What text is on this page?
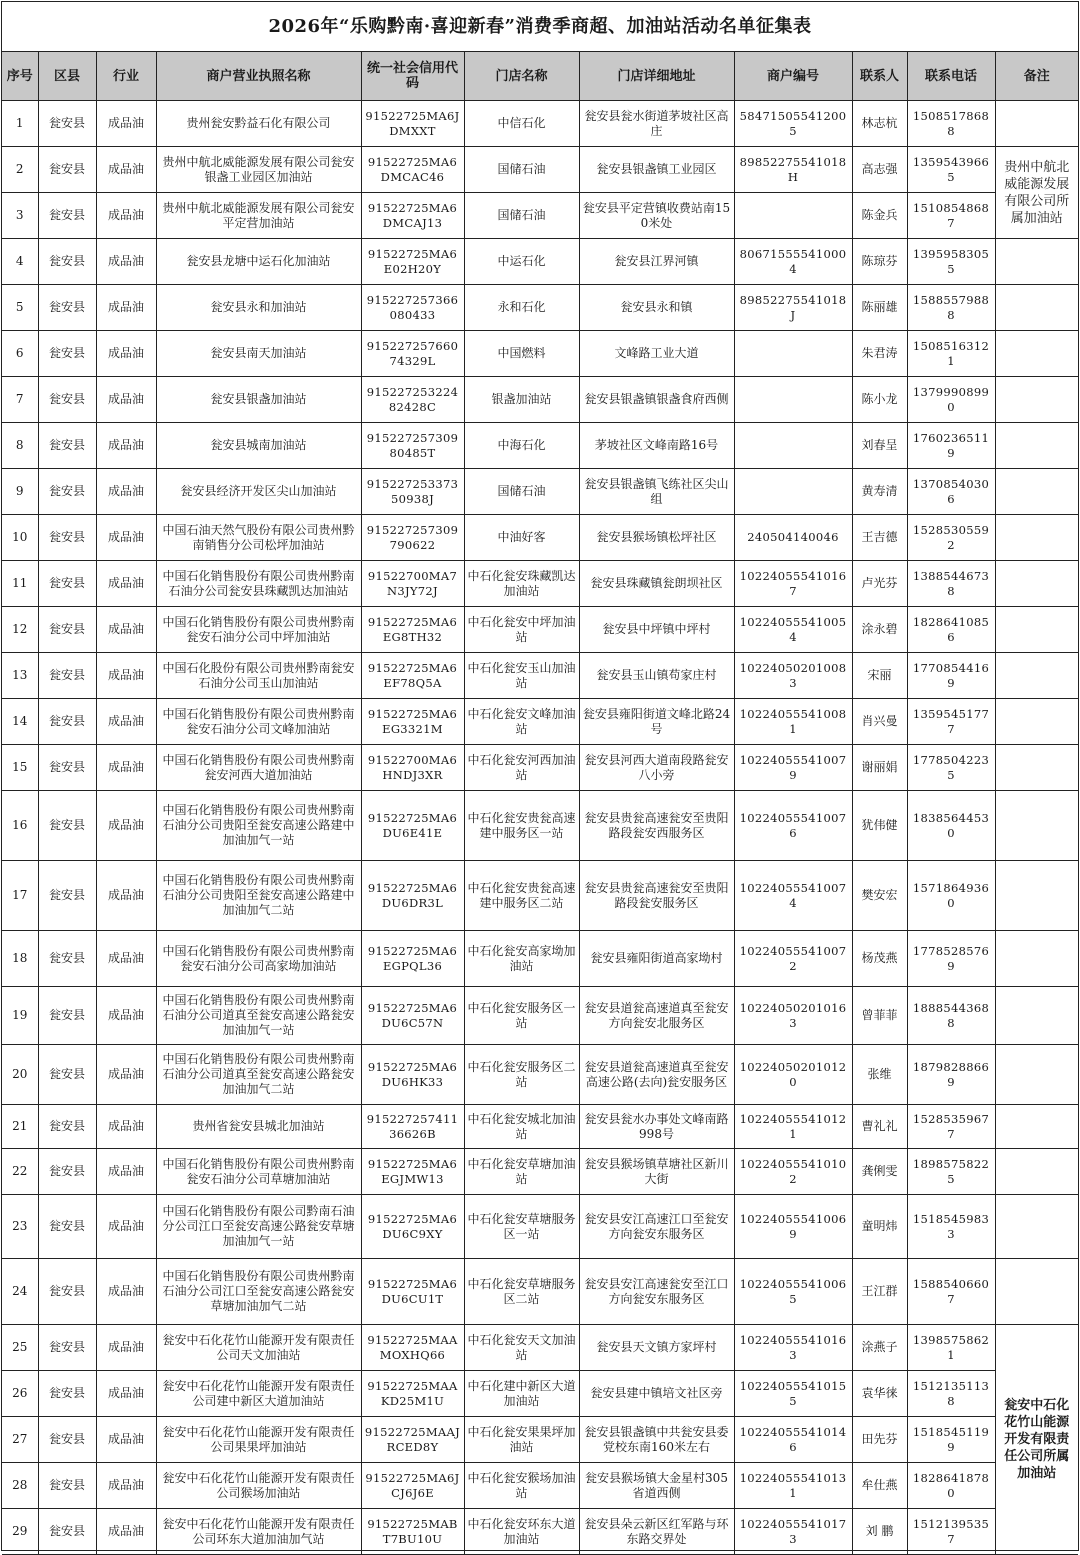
2026年“乐购黔南·喜迎新春”消费季商超、加油站活动名单征集表
序号	区县	行业	商户营业执照名称	统一社会信用代码	门店名称	门店详细地址	商户编号	联系人	联系电话	备注
1	瓮安县	成品油	贵州瓮安黔益石化有限公司	91522725MA6JDMXXT	中信石化	瓮安县瓮水街道茅坡社区高庄	584715055412005	林志杭	15085178688	
2	瓮安县	成品油	贵州中航北威能源发展有限公司瓮安银盏工业园区加油站	91522725MA6DMCAC46	国储石油	瓮安县银盏镇工业园区	89852275541018H	高志强	13595439665	贵州中航北威能源发展有限公司所属加油站
3	瓮安县	成品油	贵州中航北威能源发展有限公司瓮安平定营加油站	91522725MA6DMCAJ13	国储石油	瓮安县平定营镇收费站南150米处		陈金兵	15108548687	
4	瓮安县	成品油	瓮安县龙塘中运石化加油站	91522725MA6E02H20Y	中运石化	瓮安县江界河镇	806715555410004	陈琼芬	13959583055	
5	瓮安县	成品油	瓮安县永和加油站	915227257366080433	永和石化	瓮安县永和镇	89852275541018J	陈丽雄	15885579888	
6	瓮安县	成品油	瓮安县南天加油站	91522725766074329L	中国燃料	文峰路工业大道		朱君涛	15085163121	
7	瓮安县	成品油	瓮安县银盏加油站	91522725322482428C	银盏加油站	瓮安县银盏镇银盏食府西侧		陈小龙	13799908990	
8	瓮安县	成品油	瓮安县城南加油站	91522725730980485T	中海石化	茅坡社区文峰南路16号		刘春呈	17602365119	
9	瓮安县	成品油	瓮安县经济开发区尖山加油站	91522725337350938J	国储石油	瓮安县银盏镇飞练社区尖山组		黄寿清	13708540306	
10	瓮安县	成品油	中国石油天然气股份有限公司贵州黔南销售分公司松坪加油站	915227257309790622	中油好客	瓮安县猴场镇松坪社区	240504140046	王吉德	15285305592	
11	瓮安县	成品油	中国石化销售股份有限公司贵州黔南石油分公司瓮安县珠藏凯达加油站	91522700MA7N3JY72J	中石化瓮安珠藏凯达加油站	瓮安县珠藏镇瓮朗坝社区	102240555410167	卢光芬	13885446738	
12	瓮安县	成品油	中国石化销售股份有限公司贵州黔南瓮安石油分公司中坪加油站	91522725MA6EG8TH32	中石化瓮安中坪加油站	瓮安县中坪镇中坪村	102240555410054	涂永碧	18286410856	
13	瓮安县	成品油	中国石化股份有限公司贵州黔南瓮安石油分公司玉山加油站	91522725MA6EF78Q5A	中石化瓮安玉山加油站	瓮安县玉山镇苟家庄村	102240502010083	宋丽	17708544169	
14	瓮安县	成品油	中国石化销售股份有限公司贵州黔南瓮安石油分公司文峰加油站	91522725MA6EG3321M	中石化瓮安文峰加油站	瓮安县雍阳街道文峰北路24号	102240555410081	肖兴曼	13595451777	
15	瓮安县	成品油	中国石化销售股份有限公司贵州黔南瓮安河西大道加油站	91522700MA6HNDJ3XR	中石化瓮安河西加油站	瓮安县河西大道南段路瓮安八小旁	102240555410079	谢丽娟	17785042235	
16	瓮安县	成品油	中国石化销售股份有限公司贵州黔南石油分公司贵阳至瓮安高速公路建中加油加气一站	91522725MA6DU6E41E	中石化瓮安贵瓮高速建中服务区一站	瓮安县贵瓮高速瓮安至贵阳路段瓮安西服务区	102240555410076	犹伟健	18385644530	
17	瓮安县	成品油	中国石化销售股份有限公司贵州黔南石油分公司贵阳至瓮安高速公路建中加油加气二站	91522725MA6DU6DR3L	中石化瓮安贵瓮高速建中服务区二站	瓮安县贵瓮高速瓮安至贵阳路段瓮安服务区	102240555410074	樊安宏	15718649360	
18	瓮安县	成品油	中国石化销售股份有限公司贵州黔南瓮安石油分公司高家坳加油站	91522725MA6EGPQL36	中石化瓮安高家坳加油站	瓮安县雍阳街道高家坳村	102240555410072	杨茂燕	17785285769	
19	瓮安县	成品油	中国石化销售股份有限公司贵州黔南石油分公司道真至瓮安高速公路瓮安加油加气一站	91522725MA6DU6C57N	中石化瓮安服务区一站	瓮安县道瓮高速道真至瓮安方向瓮安北服务区	102240502010163	曾菲菲	18885443688	
20	瓮安县	成品油	中国石化销售股份有限公司贵州黔南石油分公司道真至瓮安高速公路瓮安加油加气二站	91522725MA6DU6HK33	中石化瓮安服务区二站	瓮安县道瓮高速道真至瓮安高速公路(去向)瓮安服务区	102240502010120	张维	18798288669	
21	瓮安县	成品油	贵州省瓮安县城北加油站	91522725741136626B	中石化瓮安城北加油站	瓮安县瓮水办事处文峰南路998号	102240555410121	曹礼礼	15285359677	
22	瓮安县	成品油	中国石化销售股份有限公司贵州黔南瓮安石油分公司草塘加油站	91522725MA6EGJMW13	中石化瓮安草塘加油站	瓮安县猴场镇草塘社区新川大街	102240555410102	龚俐雯	18985758225	
23	瓮安县	成品油	中国石化销售股份有限公司黔南石油分公司江口至瓮安高速公路瓮安草塘加油加气一站	91522725MA6DU6C9XY	中石化瓮安草塘服务区一站	瓮安县安江高速江口至瓮安方向瓮安东服务区	102240555410069	童明炜	15185459833	
24	瓮安县	成品油	中国石化销售股份有限公司贵州黔南石油分公司江口至瓮安高速公路瓮安草塘加油加气二站	91522725MA6DU6CU1T	中石化瓮安草塘服务区二站	瓮安县安江高速瓮安至江口方向瓮安东服务区	102240555410065	王江群	15885406607	
25	瓮安县	成品油	瓮安中石化花竹山能源开发有限责任公司天文加油站	91522725MAAMOXHQ66	中石化瓮安天文加油站	瓮安县天文镇方家坪村	102240555410163	涂燕子	13985758621	瓮安中石化花竹山能源开发有限责任公司所属加油站
26	瓮安县	成品油	瓮安中石化花竹山能源开发有限责任公司建中新区大道加油站	91522725MAAKD25M1U	中石化建中新区大道加油站	瓮安县建中镇培文社区旁	102240555410155	袁华徕	15121351138	
27	瓮安县	成品油	瓮安中石化花竹山能源开发有限责任公司果果坪加油站	91522725MAAJRCED8Y	中石化瓮安果果坪加油站	瓮安县银盏镇中共瓮安县委党校东南160米左右	102240555410146	田先芬	15185451199	
28	瓮安县	成品油	瓮安中石化花竹山能源开发有限责任公司猴场加油站	91522725MA6JCJ6J6E	中石化瓮安猴场加油站	瓮安县猴场镇大金星村305省道西侧	102240555410131	牟仕燕	18286418780	
29	瓮安县	成品油	瓮安中石化花竹山能源开发有限责任公司环东大道加油加气站	91522725MABT7BU10U	中石化瓮安环东大道加油站	瓮安县朵云新区红军路与环东路交界处	102240555410173	刘 鹏	15121395357	
